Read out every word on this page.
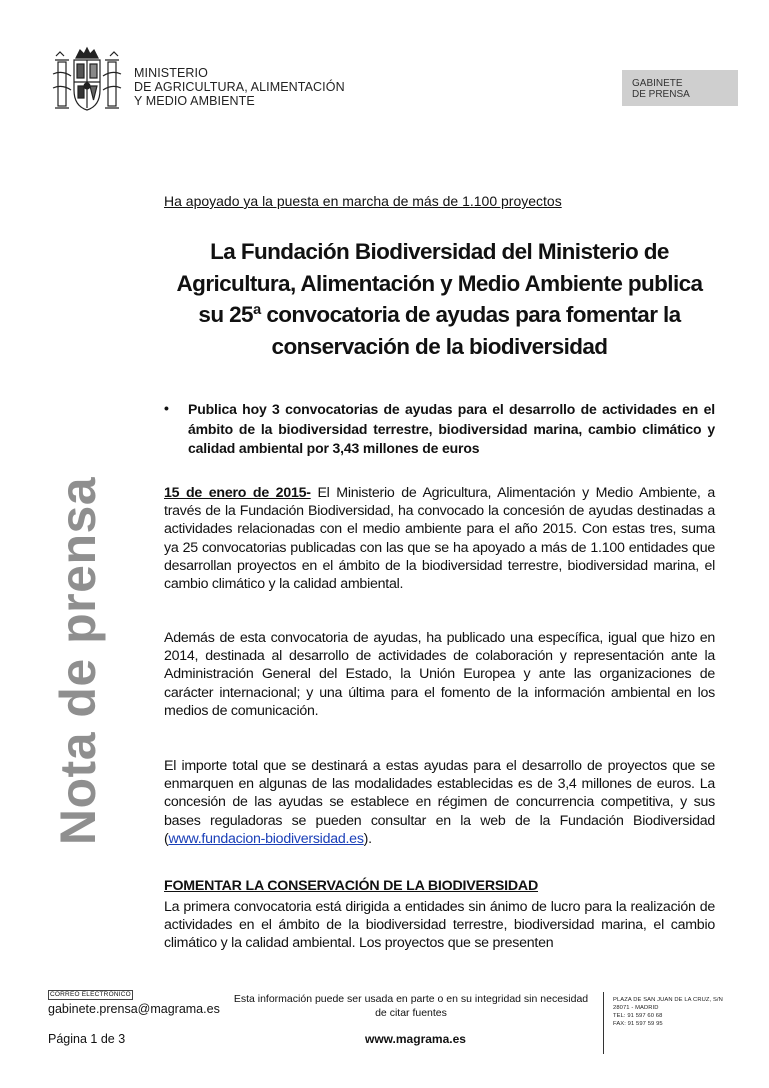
MINISTERIO
DE AGRICULTURA, ALIMENTACIÓN
Y MEDIO AMBIENTE
GABINETE
DE PRENSA
Nota de prensa
Ha apoyado ya la puesta en marcha de más de 1.100 proyectos
La Fundación Biodiversidad del Ministerio de
Agricultura, Alimentación y Medio Ambiente publica
su 25ª convocatoria de ayudas para fomentar la
conservación de la biodiversidad
• Publica hoy 3 convocatorias de ayudas para el desarrollo de actividades en el ámbito de la biodiversidad terrestre, biodiversidad marina, cambio climático y calidad ambiental por 3,43 millones de euros
15 de enero de 2015- El Ministerio de Agricultura, Alimentación y Medio Ambiente, a través de la Fundación Biodiversidad, ha convocado la concesión de ayudas destinadas a actividades relacionadas con el medio ambiente para el año 2015. Con estas tres, suma ya 25 convocatorias publicadas con las que se ha apoyado a más de 1.100 entidades que desarrollan proyectos en el ámbito de la biodiversidad terrestre, biodiversidad marina, el cambio climático y la calidad ambiental.
Además de esta convocatoria de ayudas, ha publicado una específica, igual que hizo en 2014, destinada al desarrollo de actividades de colaboración y representación ante la Administración General del Estado, la Unión Europea y ante las organizaciones de carácter internacional; y una última para el fomento de la información ambiental en los medios de comunicación.
El importe total que se destinará a estas ayudas para el desarrollo de proyectos que se enmarquen en algunas de las modalidades establecidas es de 3,4 millones de euros. La concesión de las ayudas se establece en régimen de concurrencia competitiva, y sus bases reguladoras se pueden consultar en la web de la Fundación Biodiversidad (www.fundacion-biodiversidad.es).
FOMENTAR LA CONSERVACIÓN DE LA BIODIVERSIDAD
La primera convocatoria está dirigida a entidades sin ánimo de lucro para la realización de actividades en el ámbito de la biodiversidad terrestre, biodiversidad marina, el cambio climático y la calidad ambiental. Los proyectos que se presenten
CORREO ELECTRÓNICO
gabinete.prensa@magrama.es
Página 1 de 3
Esta información puede ser usada en parte o en su integridad sin necesidad de citar fuentes
www.magrama.es
PLAZA DE SAN JUAN DE LA CRUZ, S/N
28071 - MADRID
TEL: 91 597 60 68
FAX: 91 597 59 95
